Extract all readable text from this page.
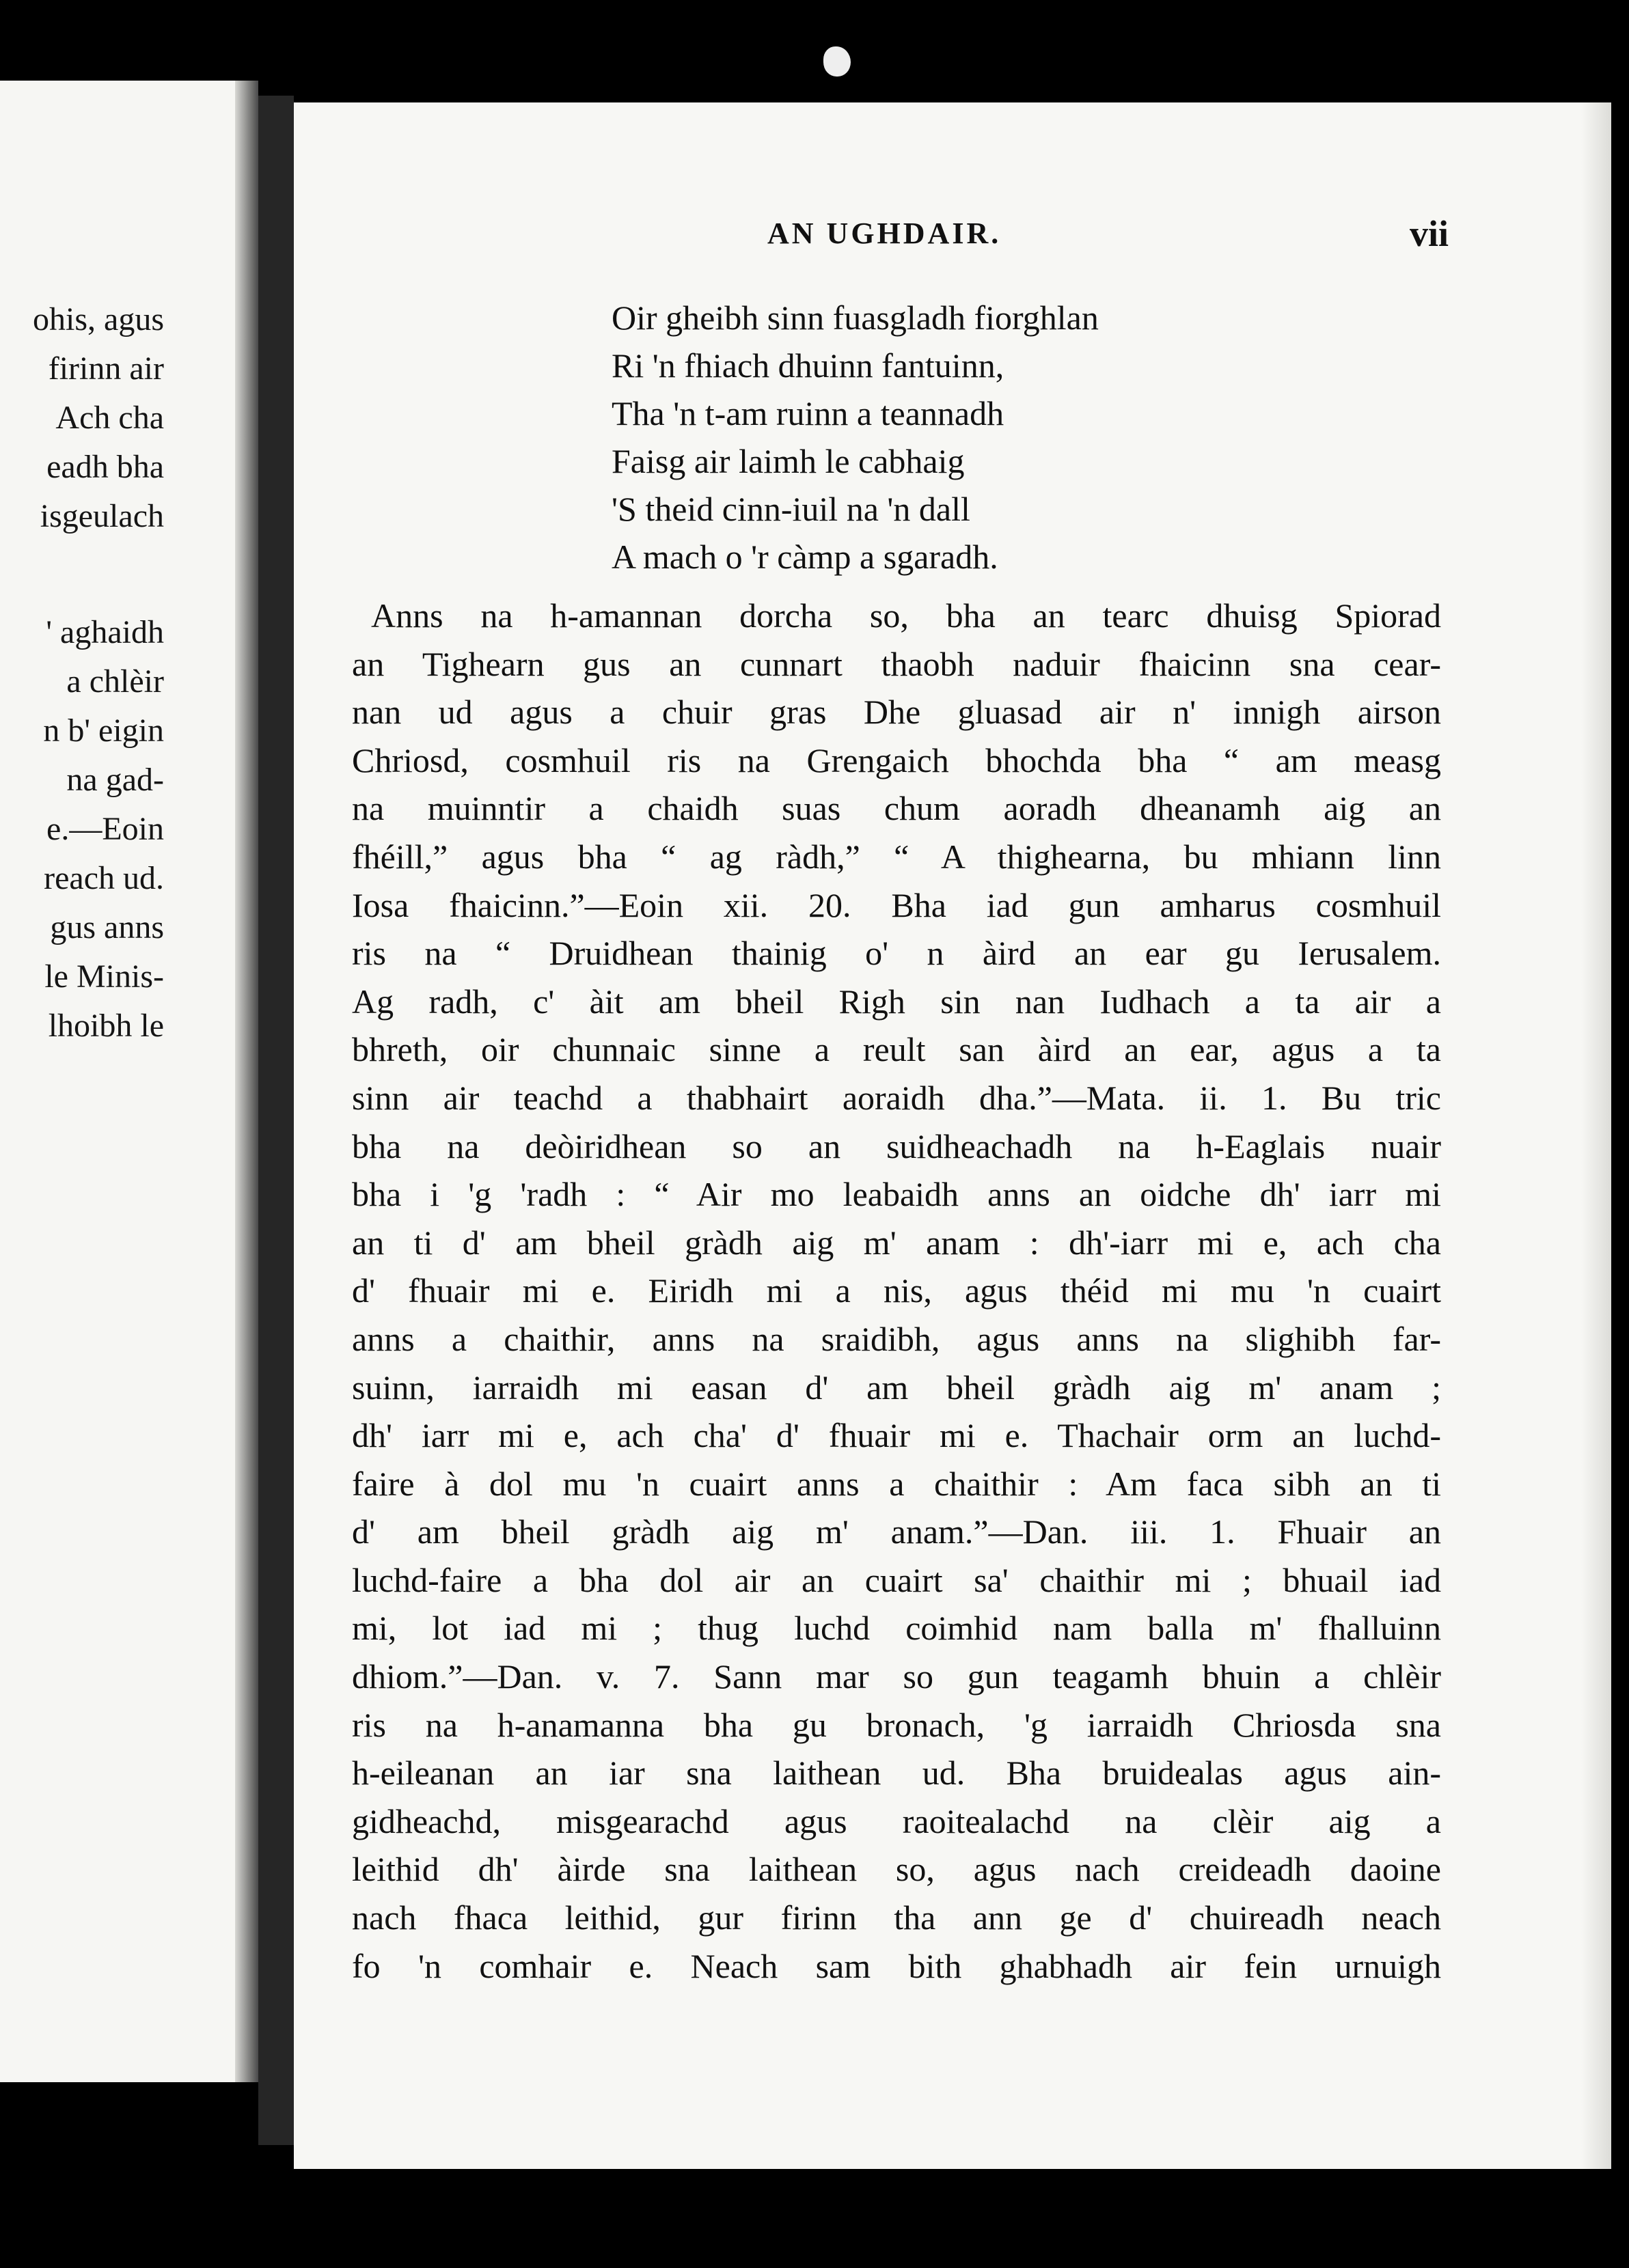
ohis, agus
firinn air
Ach cha
eadh bha
isgeulach
' aghaidh
a chlèir
n b' eigin
na gad-
e.—Eoin
reach ud.
gus anns
le Minis-
lhoibh le
AN UGHDAIR.	vii
Oir gheibh sinn fuasgladh fiorghlan
Ri 'n fhiach dhuinn fantuinn,
Tha 'n t-am ruinn a teannadh
Faisg air laimh le cabhaig
'S theid cinn-iuil na 'n dall
A mach o 'r càmp a sgaradh.
Anns na h-amannan dorcha so, bha an tearc dhuisg Spiorad
an Tighearn gus an cunnart thaobh naduir fhaicinn sna cear-
nan ud agus a chuir gras Dhe gluasad air n' innigh airson
Chriosd, cosmhuil ris na Grengaich bhochda bha “ am measg
na muinntir a chaidh suas chum aoradh dheanamh aig an
fhéill,” agus bha “ ag ràdh,” “ A thighearna, bu mhiann linn
Iosa fhaicinn.”—Eoin xii. 20. Bha iad gun amharus cosmhuil
ris na “ Druidhean thainig o' n àird an ear gu Ierusalem.
Ag radh, c' àit am bheil Righ sin nan Iudhach a ta air a
bhreth, oir chunnaic sinne a reult san àird an ear, agus a ta
sinn air teachd a thabhairt aoraidh dha.”—Mata. ii. 1. Bu tric
bha na deòiridhean so an suidheachadh na h-Eaglais nuair
bha i 'g 'radh : “ Air mo leabaidh anns an oidche dh' iarr mi
an ti d' am bheil gràdh aig m' anam : dh'-iarr mi e, ach cha
d' fhuair mi e. Eiridh mi a nis, agus théid mi mu 'n cuairt
anns a chaithir, anns na sraidibh, agus anns na slighibh far-
suinn, iarraidh mi easan d' am bheil gràdh aig m' anam ;
dh' iarr mi e, ach cha' d' fhuair mi e. Thachair orm an luchd-
faire à dol mu 'n cuairt anns a chaithir : Am faca sibh an ti
d' am bheil gràdh aig m' anam.”—Dan. iii. 1. Fhuair an
luchd-faire a bha dol air an cuairt sa' chaithir mi ; bhuail iad
mi, lot iad mi ; thug luchd coimhid nam balla m' fhalluinn
dhiom.”—Dan. v. 7. Sann mar so gun teagamh bhuin a chlèir
ris na h-anamanna bha gu bronach, 'g iarraidh Chriosda sna
h-eileanan an iar sna laithean ud. Bha bruidealas agus ain-
gidheachd, misgearachd agus raoitealachd na clèir aig a
leithid dh' àirde sna laithean so, agus nach creideadh daoine
nach fhaca leithid, gur firinn tha ann ge d' chuireadh neach
fo 'n comhair e. Neach sam bith ghabhadh air fein urnuigh
